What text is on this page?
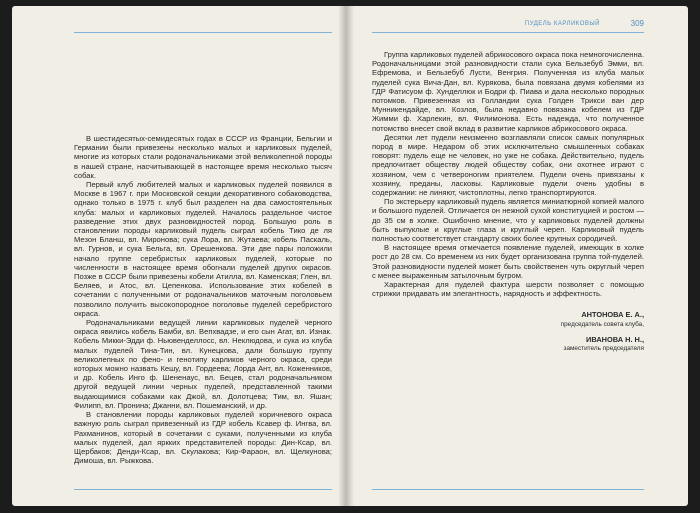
В шестидесятых-семидесятых годах в СССР из Франции, Бельгии и Германии были привезены несколько малых и карликовых пуделей, многие из которых стали родоначальниками этой великолепной породы в нашей стране, насчитывающей в настоящее время несколько тысяч собак.

Первый клуб любителей малых и карликовых пуделей появился в Москве в 1967 г. при Московской секции декоративного собаководства, однако только в 1975 г. клуб был разделен на два самостоятельных клуба: малых и карликовых пуделей. Началось раздельное чистое разведение этих двух разновидностей пород. Большую роль в становлении породы карликовый пудель сыграл кобель Тико де ля Мезон Бланш, вл. Миронова; сука Лора, вл. Жутаева; кобель Паскаль, вл. Гурнов, и сука Бельга, вл. Орешенкова. Эти две пары положили начало группе серебристых карликовых пуделей, которые по численности в настоящее время обогнали пуделей других окрасов. Позже в СССР были привезены кобели Атилла, вл. Каменская; Глен, вл. Беляев, и Атос, вл. Цепенкова. Использование этих кобелей в сочетании с полученными от родоначальников маточным поголовьем позволило получить высокопородное поголовье пуделей серебристого окраса.

Родоначальниками ведущей линии карликовых пуделей черного окраса явились кобель Бамби, вл. Вепхвадзе, и его сын Агат, вл. Изнак. Кобель Микки-Эдди ф. Ньювенделлосс, вл. Неклюдова, и сука из клуба малых пуделей Тина-Тин, вл. Кунецкова, дали большую группу великолепных по фено- и генотипу карликов черного окраса, среди которых можно назвать Кешу, вл. Гордеева; Лорда Ант, вл. Коженников, и др. Кобель Инго ф. Шененаус, вл. Бецев, стал родоначальником другой ведущей линии черных пуделей, представленной такими выдающимися собаками как Джой, вл. Долотцева; Тим, вл. Яшан; Филипп, вл. Пронина; Джанни, вл. Пошеманский, и др.

В становлении породы карликовых пуделей коричневого окраса важную роль сыграл привезенный из ГДР кобель Ксавер ф. Ингва, вл. Рахманинов, который в сочетании с суками, полученными из клуба малых пуделей, дал яркких представителей породы: Дин-Ксар, вл. Щербаков; Денди-Ксар, вл. Скулакова; Кир-Фараон, вл. Щелкунова; Димоша, вл. Рыжкова.

ПУДЕЛЬ КАРЛИКОВЫЙ	309

Группа карликовых пуделей абрикосового окраса пока немногочисленна. Родоначальницами этой разновидности стали сука Бельзебуб Эмми, вл. Ефремова, и Бельзебуб Лусти, Венгрия. Полученная из клуба малых пуделей сука Вича-Дан, вл. Курякова, была повязана двумя кобелями из ГДР Фатисуом ф. Хунделлюк и Бодри ф. Пиава и дала несколько породных потомков. Привезенная из Голландии сука Голден Трикси ван дер Мунникендайде, вл. Козлов, была недавно повязана кобелем из ГДР Жимми ф. Харлекин, вл. Филимонова. Есть надежда, что полученное потомство внесет свой вклад в развитие карликов абрикосового окраса.

Десятки лет пудели неизменно возглавляли список самых популярных пород в мире. Недаром об этих исключительно смышленных собаках говорят: пудель еще не человек, но уже не собака. Действительно, пудель предпочитает обществу людей обществу собак, они охотнее играют с хозяином, чем с четвероногим приятелем. Пудели очень привязаны к хозяину, преданы, ласковы. Карликовые пудели очень удобны в содержании: не линяют, чистоплотны, легко транспортируются.

По экстерьеру карликовый пудель является миниатюрной копией малого и большого пуделей. Отличается он нежной сухой конституцией и ростом — до 35 см в холке. Ошибочно мнение, что у карликовых пуделей должны быть выпуклые и круглые глаза и круглый череп. Карликовый пудель полностью соответствует стандарту своих более крупных сородичей.

В настоящее время отмечается появление пуделей, имеющих в холке рост до 28 см. Со временем из них будет организована группа той-пуделей. Этой разновидности пуделей может быть свойственен чуть округлый череп с менее выраженным затылочным бугром.

Характерная для пуделей фактура шерсти позволяет с помощью стрижки придавать им элегантность, нарядность и эффектность.

АНТОНОВА Е. А.,
председатель совета клуба,
ИВАНОВА Н. Н.,
заместитель председателя
